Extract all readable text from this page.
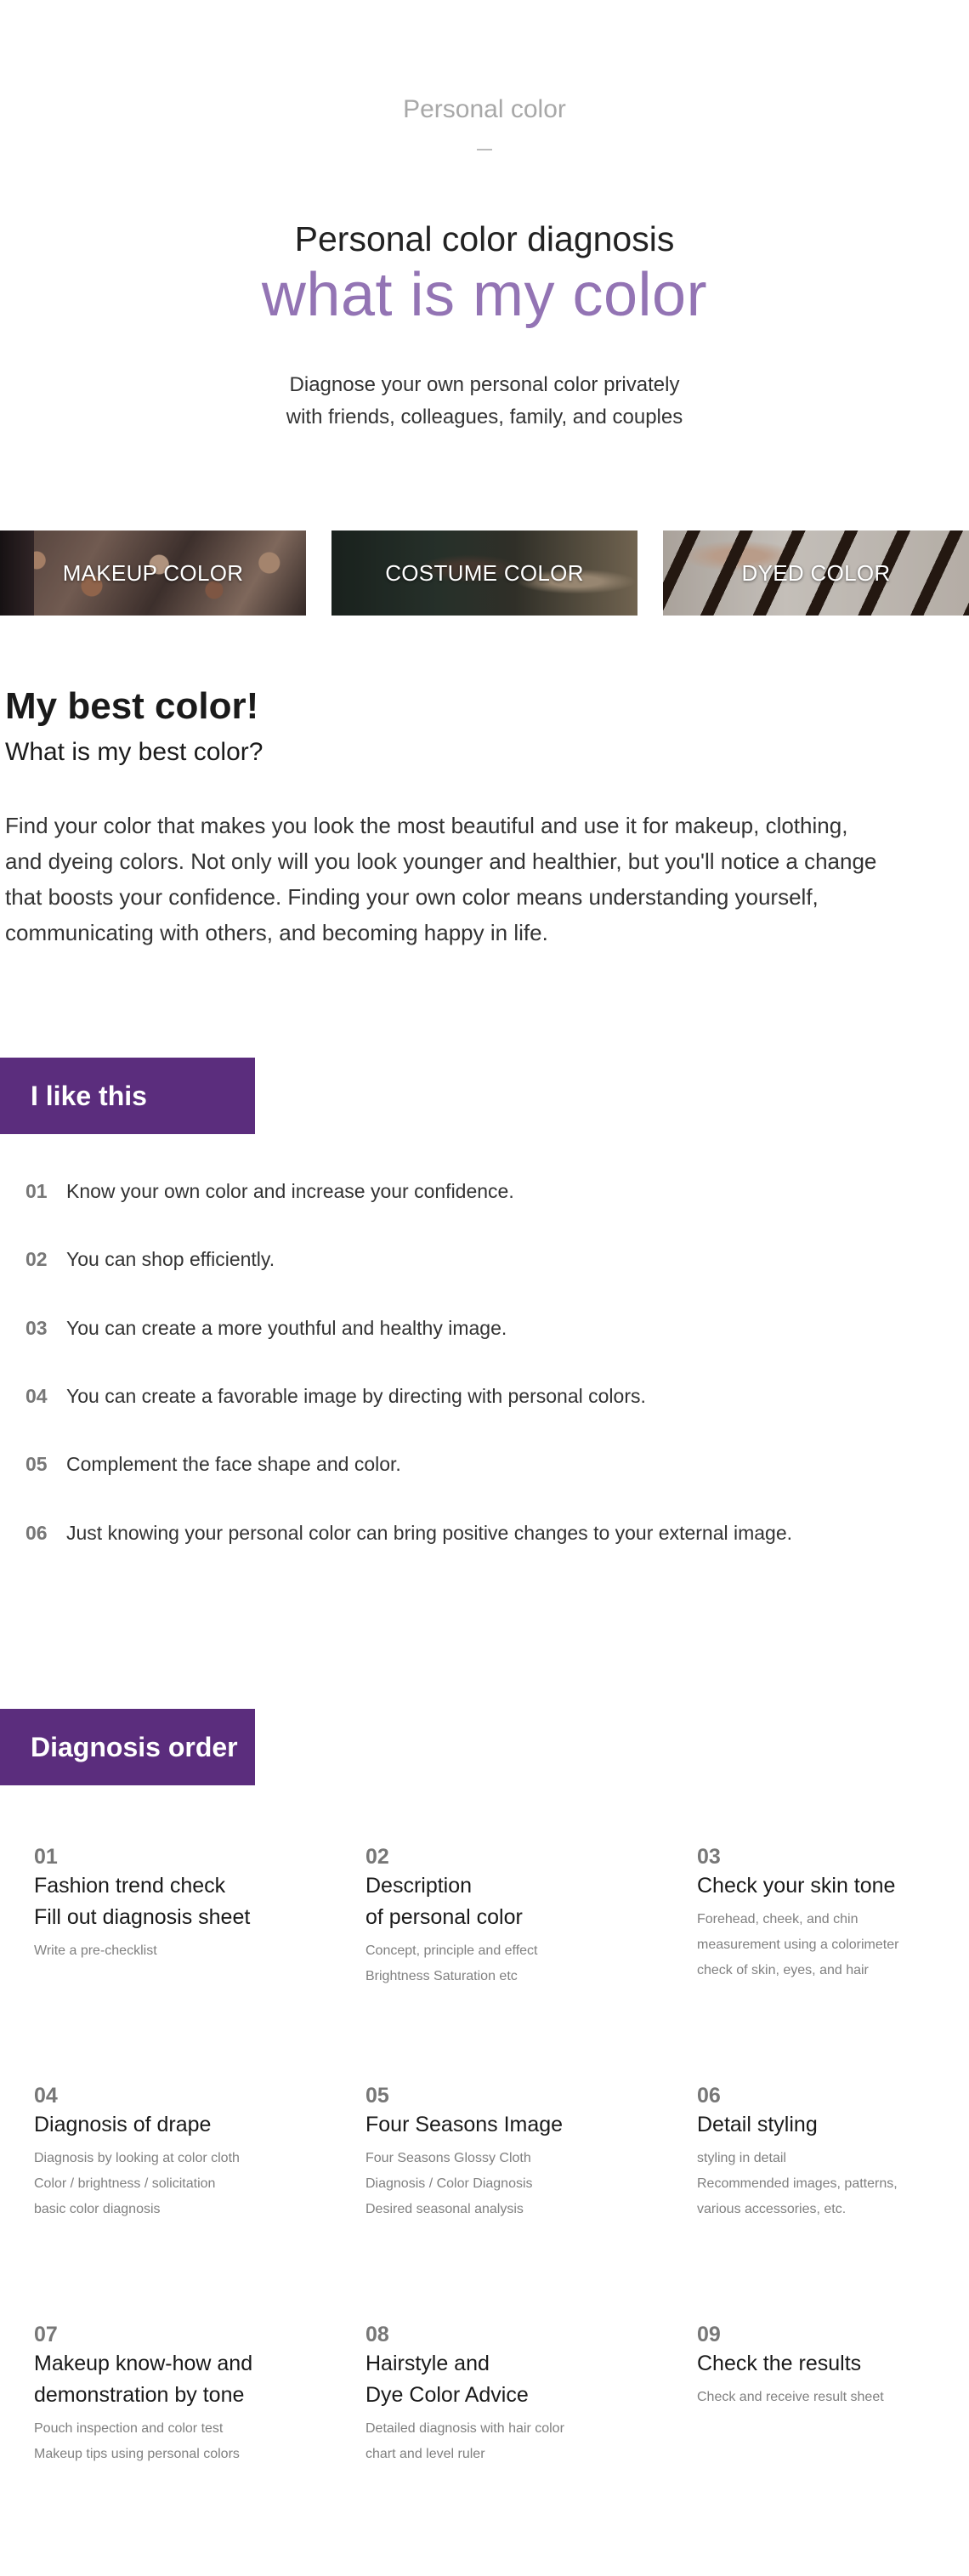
Personal color
Personal color diagnosis
what is my color
Diagnose your own personal color privately
with friends, colleagues, family, and couples
MAKEUP COLOR	COSTUME COLOR	DYED COLOR
My best color!
What is my best color?
Find your color that makes you look the most beautiful and use it for makeup, clothing, and dyeing colors. Not only will you look younger and healthier, but you'll notice a change that boosts your confidence. Finding your own color means understanding yourself, communicating with others, and becoming happy in life.
I like this
01 Know your own color and increase your confidence.
02 You can shop efficiently.
03 You can create a more youthful and healthy image.
04 You can create a favorable image by directing with personal colors.
05 Complement the face shape and color.
06 Just knowing your personal color can bring positive changes to your external image.
Diagnosis order
01
Fashion trend check
Fill out diagnosis sheet
Write a pre-checklist
02
Description
of personal color
Concept, principle and effect
Brightness Saturation etc
03
Check your skin tone
Forehead, cheek, and chin
measurement using a colorimeter
check of skin, eyes, and hair
04
Diagnosis of drape
Diagnosis by looking at color cloth
Color / brightness / solicitation
basic color diagnosis
05
Four Seasons Image
Four Seasons Glossy Cloth
Diagnosis / Color Diagnosis
Desired seasonal analysis
06
Detail styling
styling in detail
Recommended images, patterns,
various accessories, etc.
07
Makeup know-how and
demonstration by tone
Pouch inspection and color test
Makeup tips using personal colors
08
Hairstyle and
Dye Color Advice
Detailed diagnosis with hair color
chart and level ruler
09
Check the results
Check and receive result sheet
